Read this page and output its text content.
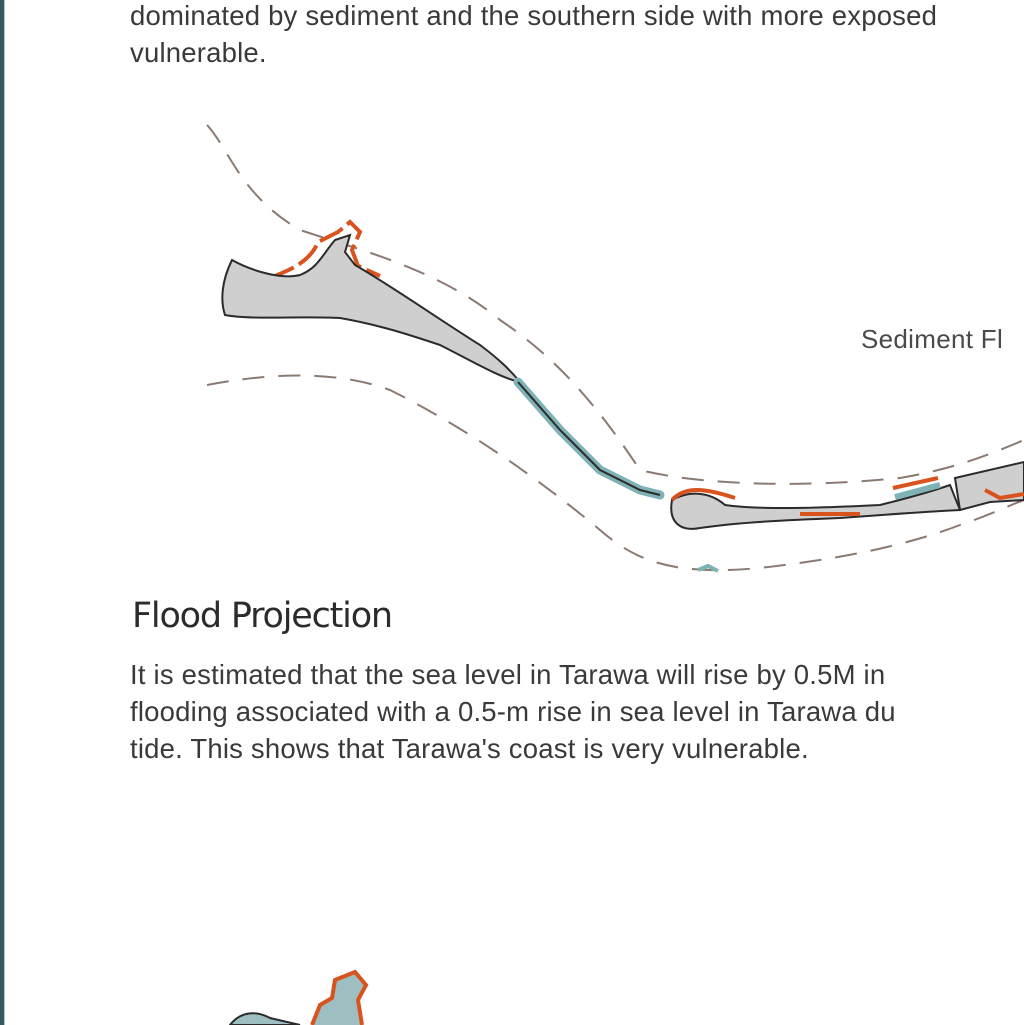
dominated by sediment and the southern side with more exposed
vulnerable.
Sediment Fl
Flood Projection
It is estimated that the sea level in Tarawa will rise by 0.5M in
flooding associated with a 0.5-m rise in sea level in Tarawa du
tide. This shows that Tarawa's coast is very vulnerable.
